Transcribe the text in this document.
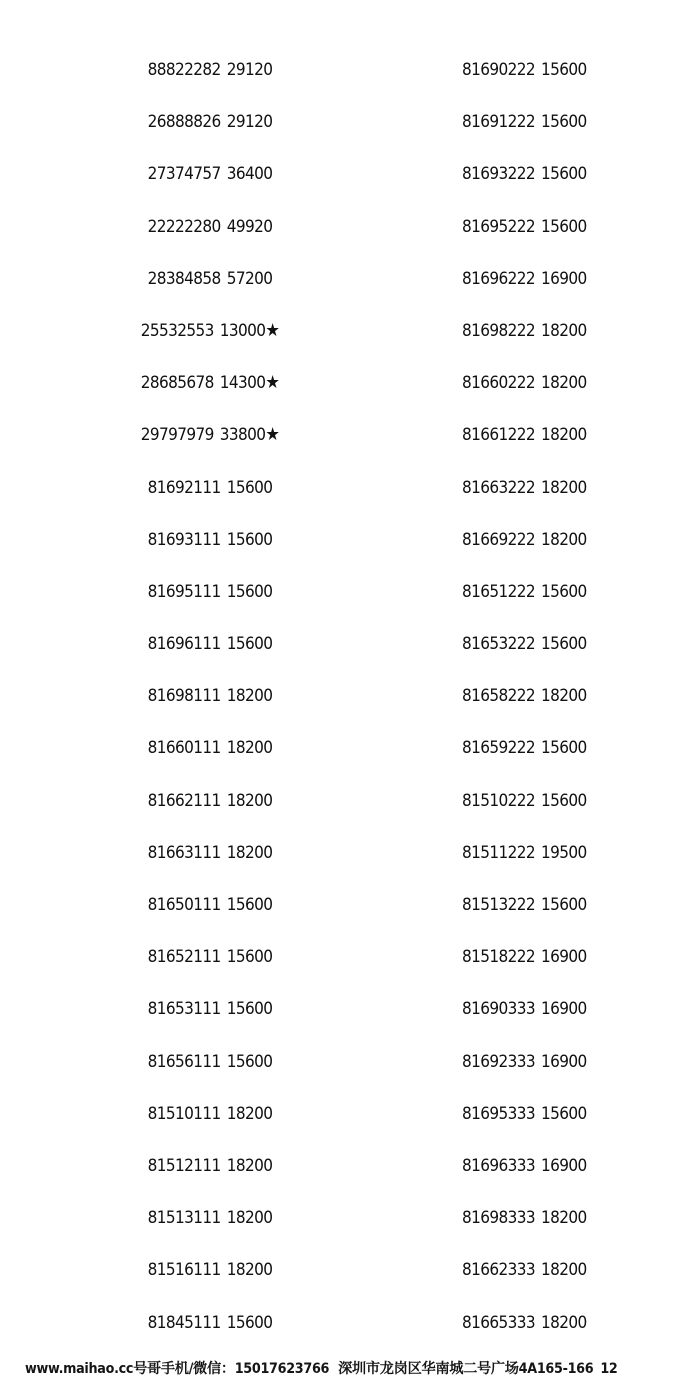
88822282 29120
26888826 29120
27374757 36400
22222280 49920
28384858 57200
25532553 13000★
28685678 14300★
29797979 33800★
81692111 15600
81693111 15600
81695111 15600
81696111 15600
81698111 18200
81660111 18200
81662111 18200
81663111 18200
81650111 15600
81652111 15600
81653111 15600
81656111 15600
81510111 18200
81512111 18200
81513111 18200
81516111 18200
81845111 15600
81690222 15600
81691222 15600
81693222 15600
81695222 15600
81696222 16900
81698222 18200
81660222 18200
81661222 18200
81663222 18200
81669222 18200
81651222 15600
81653222 15600
81658222 18200
81659222 15600
81510222 15600
81511222 19500
81513222 15600
81518222 16900
81690333 16900
81692333 16900
81695333 15600
81696333 16900
81698333 18200
81662333 18200
81665333 18200
www.maihao.cc号哥手机/微信：15017623766 深圳市龙岗区华南城二号广场4A165-166 12
